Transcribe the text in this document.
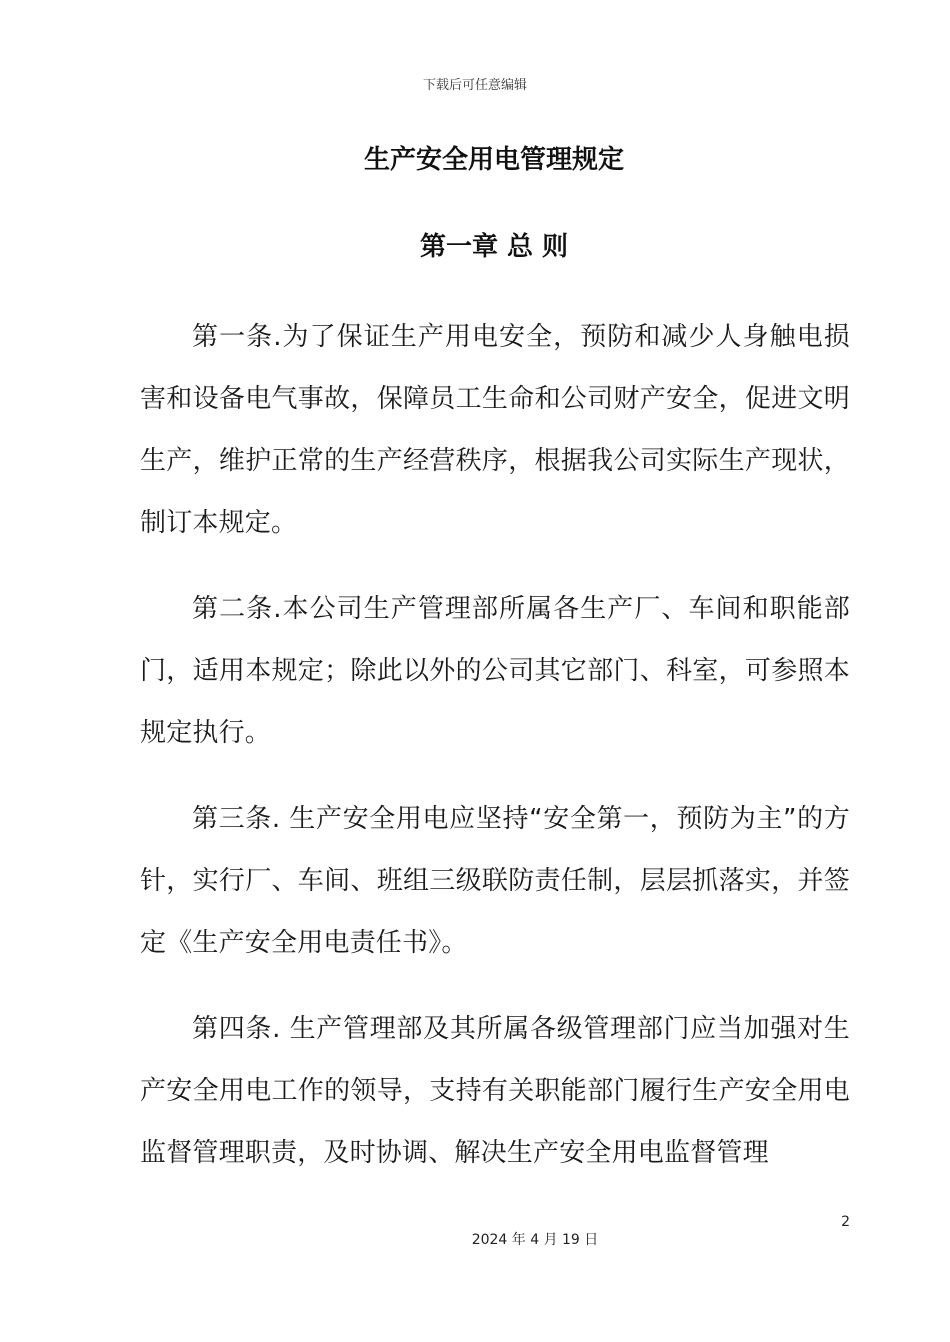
下载后可任意编辑
生产安全用电管理规定
第一章 总 则

第一条.为了保证生产用电安全，预防和减少人身触电损害和设备电气事故，保障员工生命和公司财产安全，促进文明生产，维护正常的生产经营秩序，根据我公司实际生产现状，制订本规定。

第二条.本公司生产管理部所属各生产厂、车间和职能部门，适用本规定；除此以外的公司其它部门、科室，可参照本规定执行。

第三条. 生产安全用电应坚持“安全第一，预防为主”的方针，实行厂、车间、班组三级联防责任制，层层抓落实，并签定《生产安全用电责任书》。

第四条. 生产管理部及其所属各级管理部门应当加强对生产安全用电工作的领导，支持有关职能部门履行生产安全用电监督管理职责，及时协调、解决生产安全用电监督管理

2
2024 年 4 月 19 日
